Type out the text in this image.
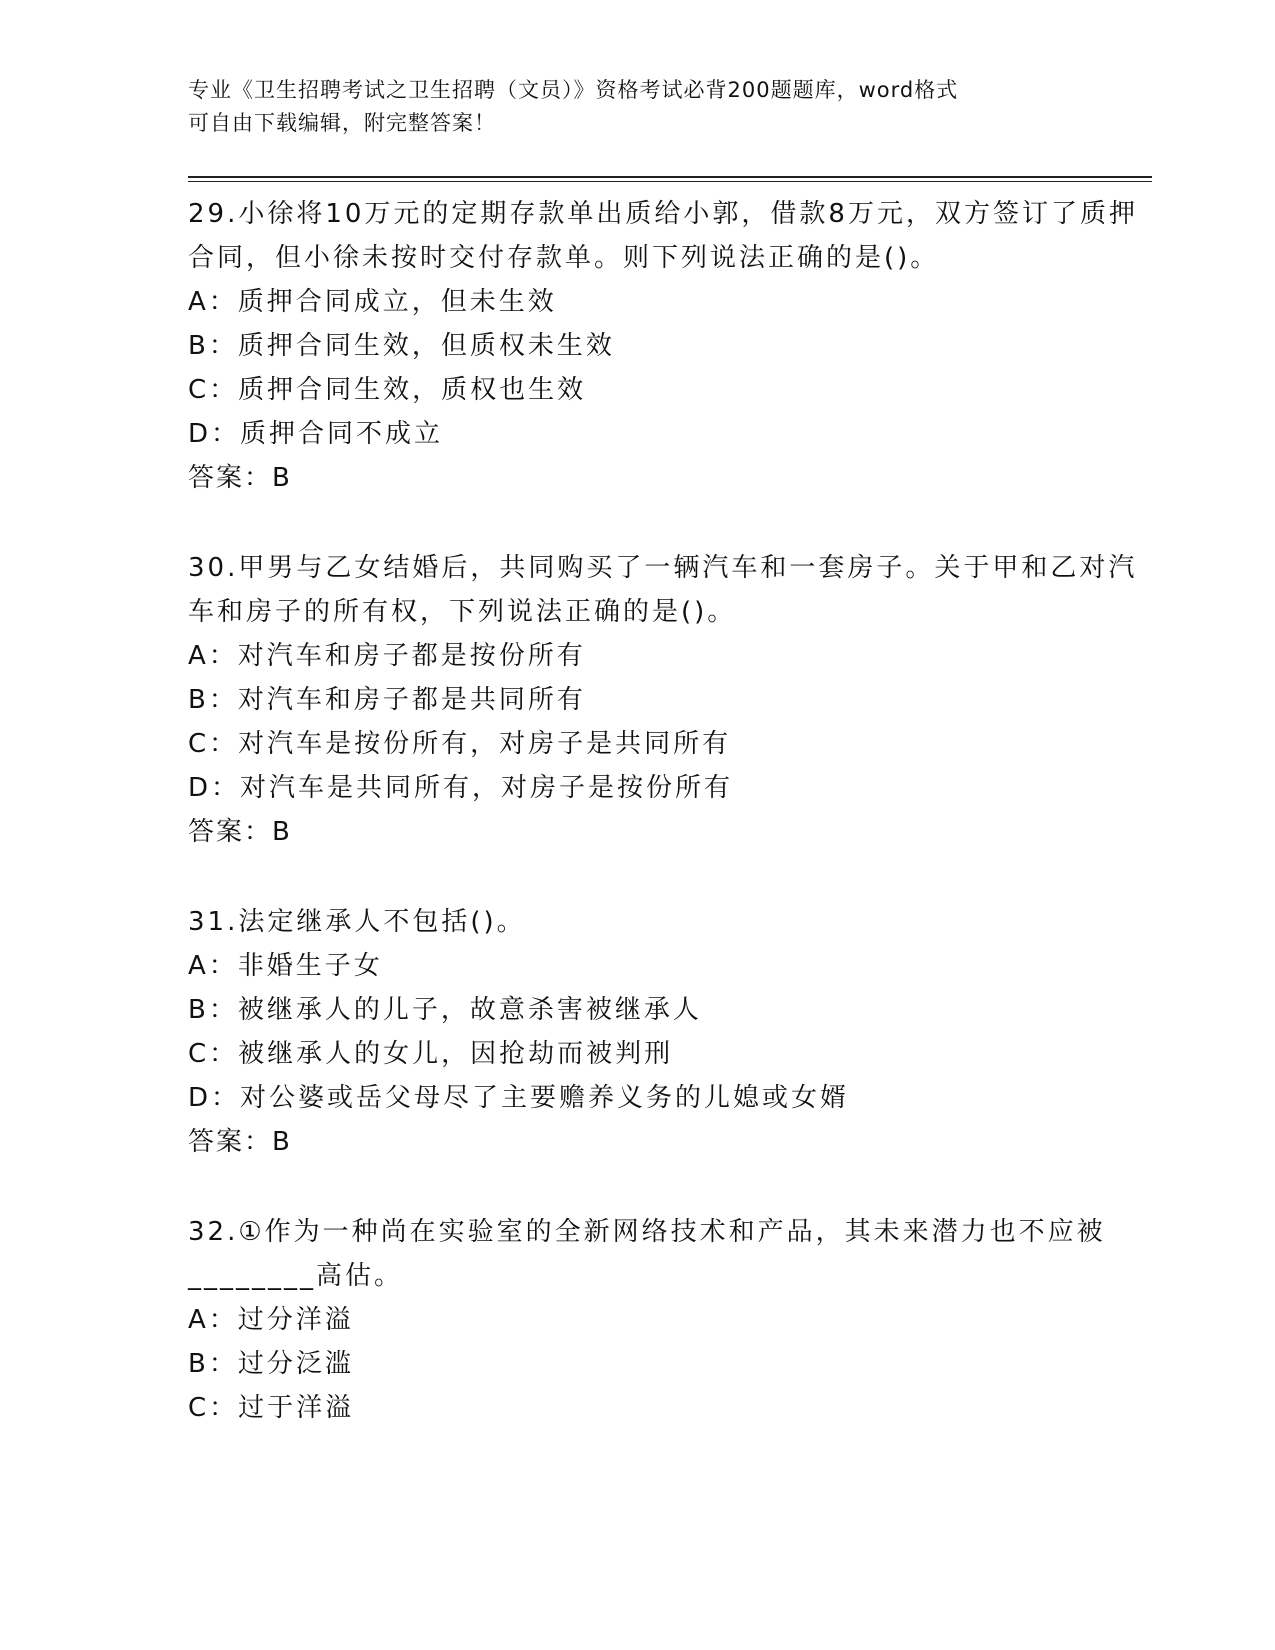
专业《卫生招聘考试之卫生招聘（文员）》资格考试必背200题题库，word格式
可自由下载编辑，附完整答案！

29.小徐将10万元的定期存款单出质给小郭，借款8万元，双方签订了质押合同，但小徐未按时交付存款单。则下列说法正确的是()。

A：质押合同成立，但未生效

B：质押合同生效，但质权未生效

C：质押合同生效，质权也生效

D：质押合同不成立

答案：B

30.甲男与乙女结婚后，共同购买了一辆汽车和一套房子。关于甲和乙对汽车和房子的所有权，下列说法正确的是()。

A：对汽车和房子都是按份所有

B：对汽车和房子都是共同所有

C：对汽车是按份所有，对房子是共同所有

D：对汽车是共同所有，对房子是按份所有

答案：B

31.法定继承人不包括()。

A：非婚生子女

B：被继承人的儿子，故意杀害被继承人

C：被继承人的女儿，因抢劫而被判刑

D：对公婆或岳父母尽了主要赡养义务的儿媳或女婿

答案：B

32.①作为一种尚在实验室的全新网络技术和产品，其未来潜力也不应被________高估。

A：过分洋溢

B：过分泛滥

C：过于洋溢
